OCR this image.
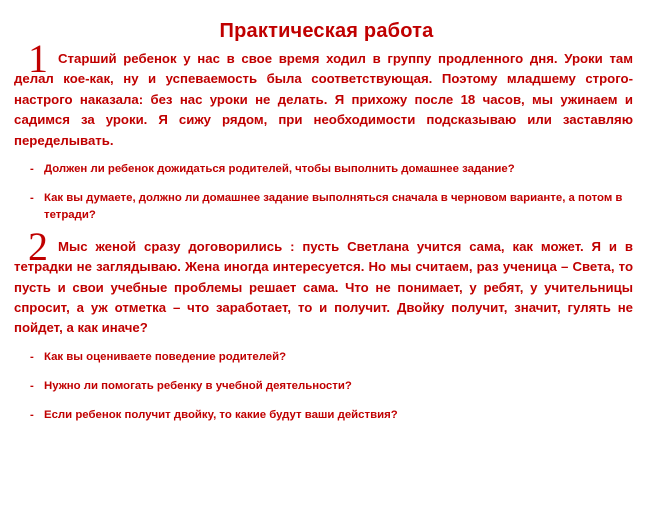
Практическая работа
1 Старший ребенок у нас в свое время ходил в группу продленного дня. Уроки там делал кое-как, ну и успеваемость была соответствующая. Поэтому младшему строго-настрого наказала: без нас уроки не делать. Я прихожу после 18 часов, мы ужинаем и садимся за уроки. Я сижу рядом, при необходимости подсказываю или заставляю переделывать.

- Должен ли ребенок дожидаться родителей, чтобы выполнить домашнее задание?

- Как вы думаете, должно ли домашнее задание выполняться сначала в черновом варианте, а потом в тетради?

2 Мыс женой сразу договорились : пусть Светлана учится сама, как может. Я и в тетрадки не заглядываю. Жена иногда интересуется. Но мы считаем, раз ученица – Света, то пусть и свои учебные проблемы решает сама. Что не понимает, у ребят, у учительницы спросит, а уж отметка – что заработает, то и получит. Двойку получит, значит, гулять не пойдет, а как иначе?

- Как вы оцениваете поведение родителей?

- Нужно ли помогать ребенку в учебной деятельности?

- Если ребенок получит двойку, то какие будут ваши действия?
